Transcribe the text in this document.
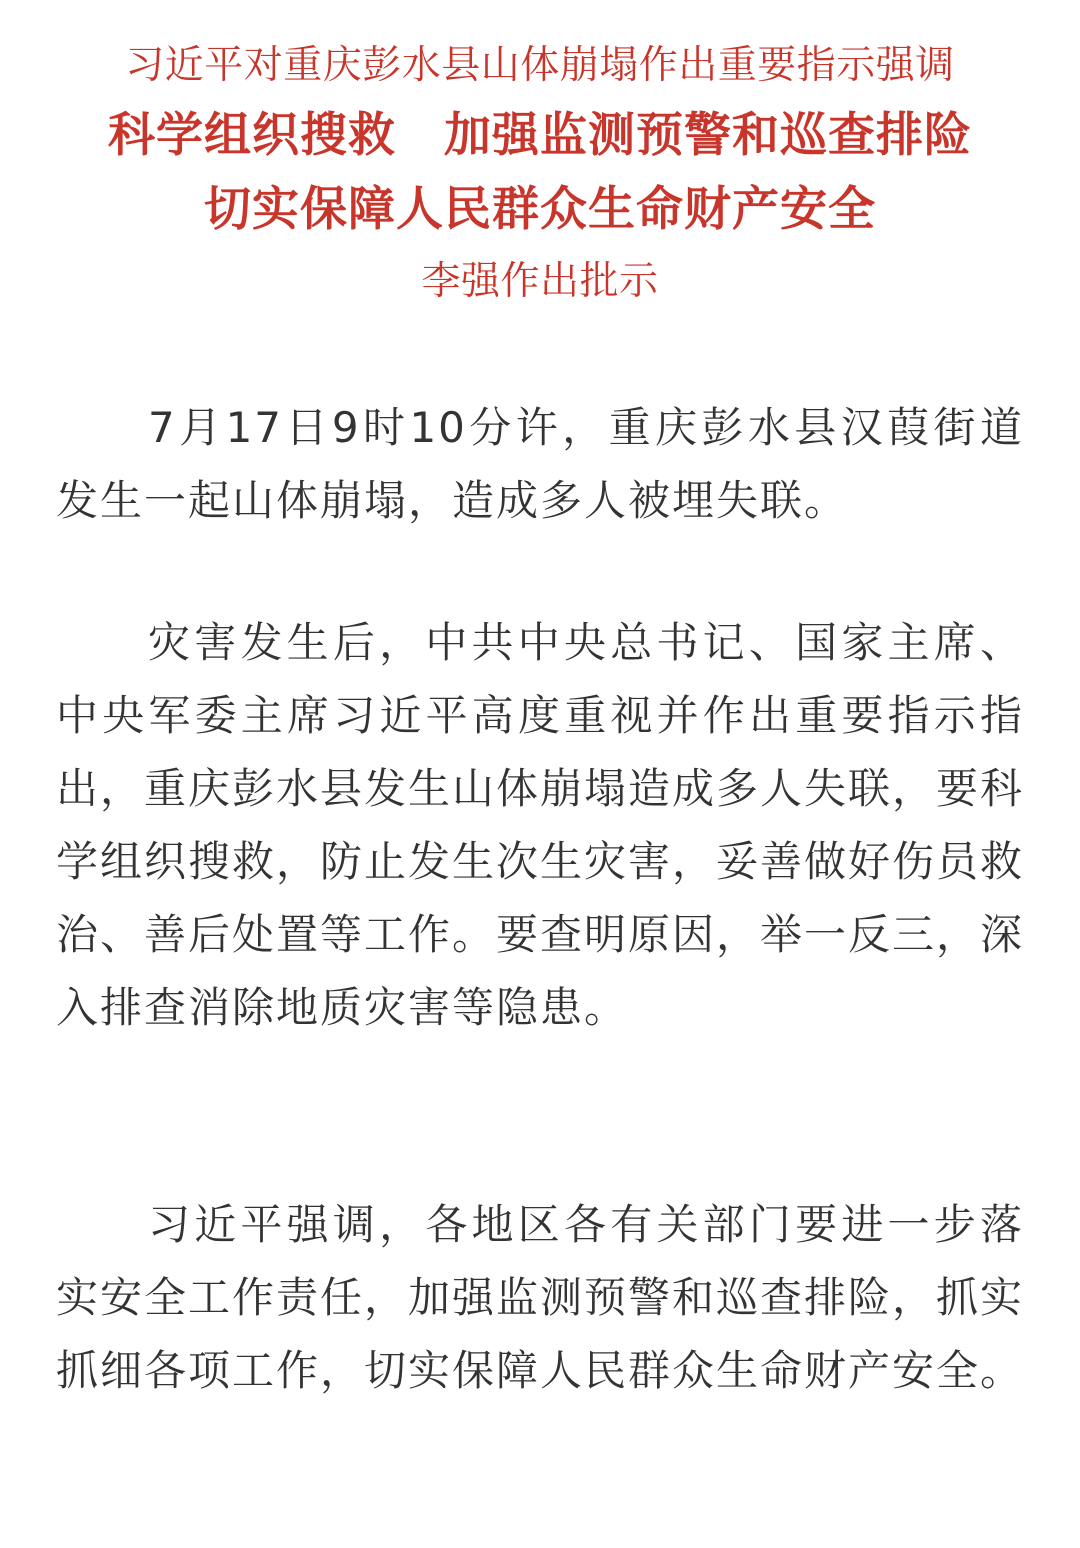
习近平对重庆彭水县山体崩塌作出重要指示强调
科学组织搜救　加强监测预警和巡查排险
切实保障人民群众生命财产安全
李强作出批示

7月17日9时10分许，重庆彭水县汉葭街道发生一起山体崩塌，造成多人被埋失联。

灾害发生后，中共中央总书记、国家主席、中央军委主席习近平高度重视并作出重要指示指出，重庆彭水县发生山体崩塌造成多人失联，要科学组织搜救，防止发生次生灾害，妥善做好伤员救治、善后处置等工作。要查明原因，举一反三，深入排查消除地质灾害等隐患。

习近平强调，各地区各有关部门要进一步落实安全工作责任，加强监测预警和巡查排险，抓实抓细各项工作，切实保障人民群众生命财产安全。
